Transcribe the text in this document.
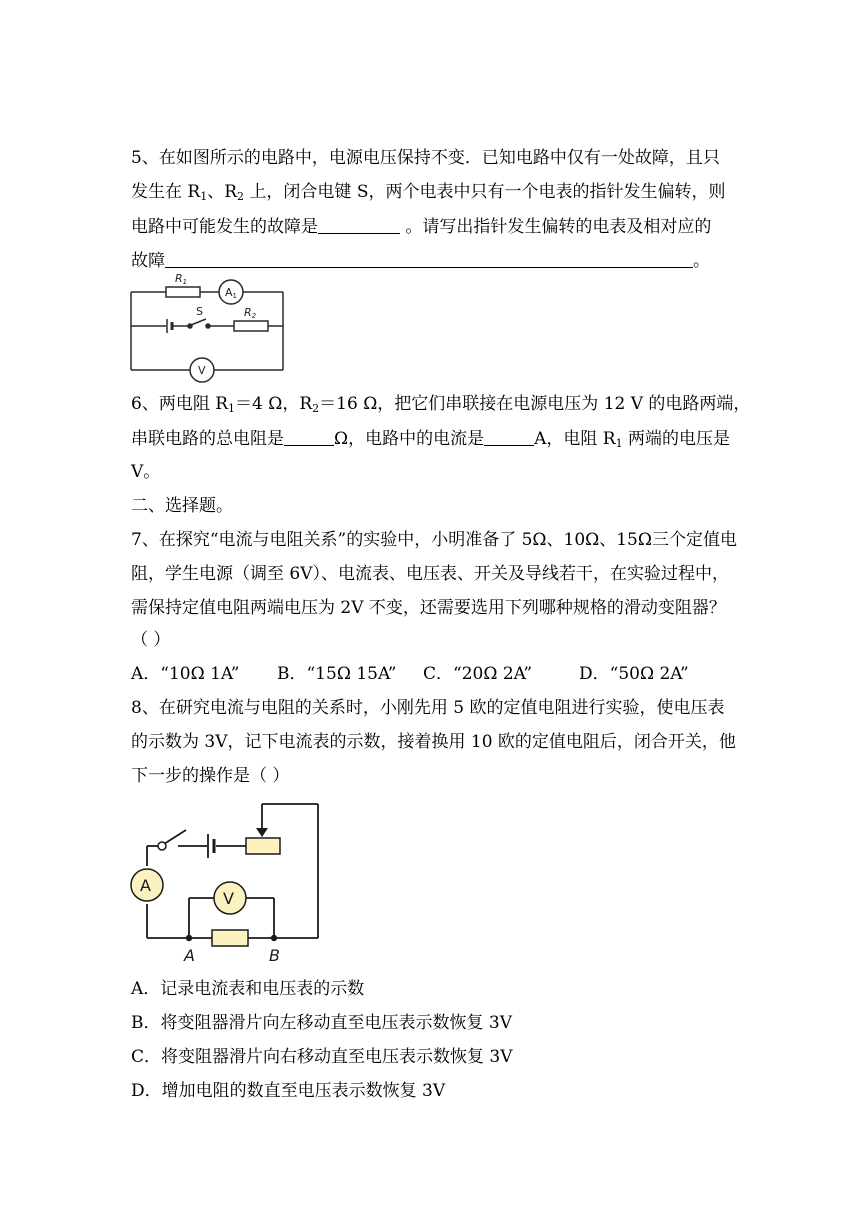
5、在如图所示的电路中，电源电压保持不变．已知电路中仅有一处故障，且只
发生在 $R_1$、$R_2$ 上，闭合电键 S，两个电表中只有一个电表的指针发生偏转，则
电路中可能发生的故障是	。请写出指针发生偏转的电表及相对应的
故障	。
R1
A1
S	R2
V
6、两电阻 $R_1=4$ Ω，$R_2=16$ Ω，把它们串联接在电源电压为 12 V 的电路两端，
串联电路的总电阻是	Ω，电路中的电流是	A，电阻 $R_1$ 两端的电压是
V。
二、选择题。
7、在探究“电流与电阻关系”的实验中，小明准备了 5Ω、10Ω、15Ω三个定值电
阻，学生电源（调至 6V）、电流表、电压表、开关及导线若干，在实验过程中，
需保持定值电阻两端电压为 2V 不变，还需要选用下列哪种规格的滑动变阻器？
（ ）
A．“10Ω 1A” B．“15Ω 15A” C．“20Ω 2A”	D．“50Ω 2A”
8、在研究电流与电阻的关系时，小刚先用 5 欧的定值电阻进行实验，使电压表
的示数为 3V，记下电流表的示数，接着换用 10 欧的定值电阻后，闭合开关，他
下一步的操作是（ ）
A
V
A	B
A．记录电流表和电压表的示数
B．将变阻器滑片向左移动直至电压表示数恢复 3V
C．将变阻器滑片向右移动直至电压表示数恢复 3V
D．增加电阻的数直至电压表示数恢复 3V
